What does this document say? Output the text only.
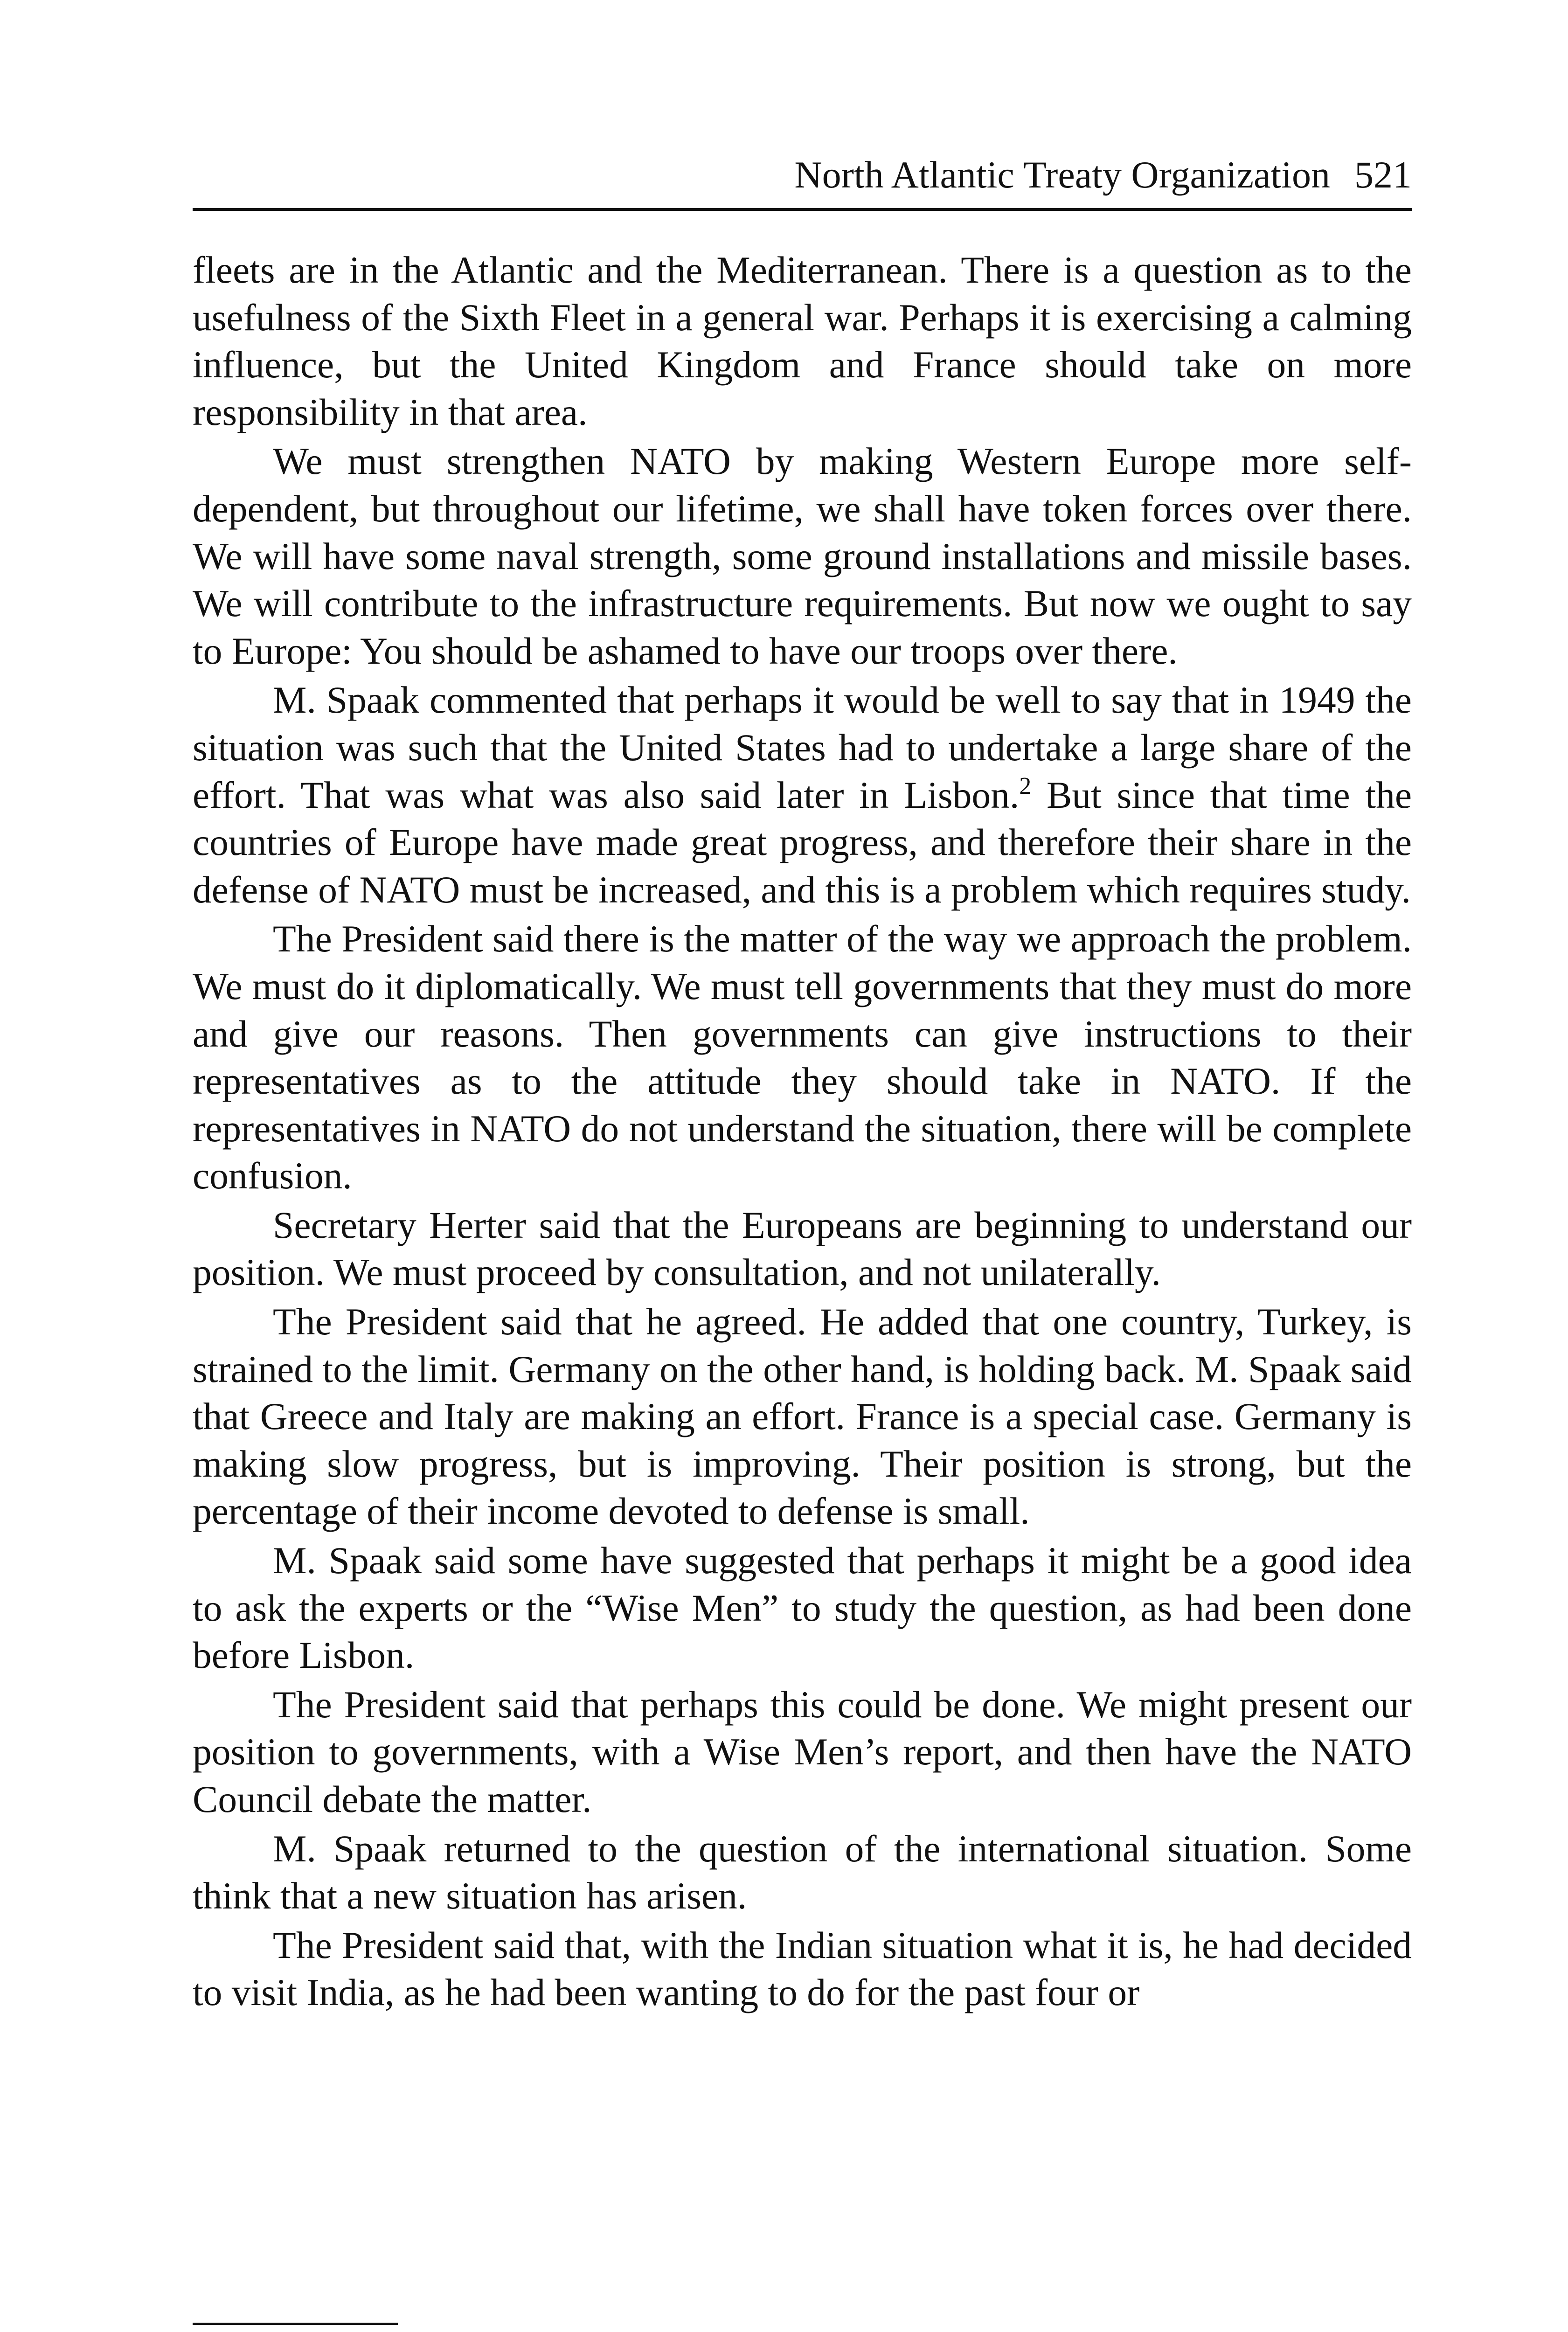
North Atlantic Treaty Organization 521

fleets are in the Atlantic and the Mediterranean. There is a question as to the usefulness of the Sixth Fleet in a general war. Perhaps it is exercising a calming influence, but the United Kingdom and France should take on more responsibility in that area.

We must strengthen NATO by making Western Europe more self-dependent, but throughout our lifetime, we shall have token forces over there. We will have some naval strength, some ground installations and missile bases. We will contribute to the infrastructure requirements. But now we ought to say to Europe: You should be ashamed to have our troops over there.

M. Spaak commented that perhaps it would be well to say that in 1949 the situation was such that the United States had to undertake a large share of the effort. That was what was also said later in Lisbon.$^2$ But since that time the countries of Europe have made great progress, and therefore their share in the defense of NATO must be increased, and this is a problem which requires study.

The President said there is the matter of the way we approach the problem. We must do it diplomatically. We must tell governments that they must do more and give our reasons. Then governments can give instructions to their representatives as to the attitude they should take in NATO. If the representatives in NATO do not understand the situation, there will be complete confusion.

Secretary Herter said that the Europeans are beginning to understand our position. We must proceed by consultation, and not unilaterally.

The President said that he agreed. He added that one country, Turkey, is strained to the limit. Germany on the other hand, is holding back. M. Spaak said that Greece and Italy are making an effort. France is a special case. Germany is making slow progress, but is improving. Their position is strong, but the percentage of their income devoted to defense is small.

M. Spaak said some have suggested that perhaps it might be a good idea to ask the experts or the “Wise Men” to study the question, as had been done before Lisbon.

The President said that perhaps this could be done. We might present our position to governments, with a Wise Men’s report, and then have the NATO Council debate the matter.

M. Spaak returned to the question of the international situation. Some think that a new situation has arisen.

The President said that, with the Indian situation what it is, he had decided to visit India, as he had been wanting to do for the past four or
